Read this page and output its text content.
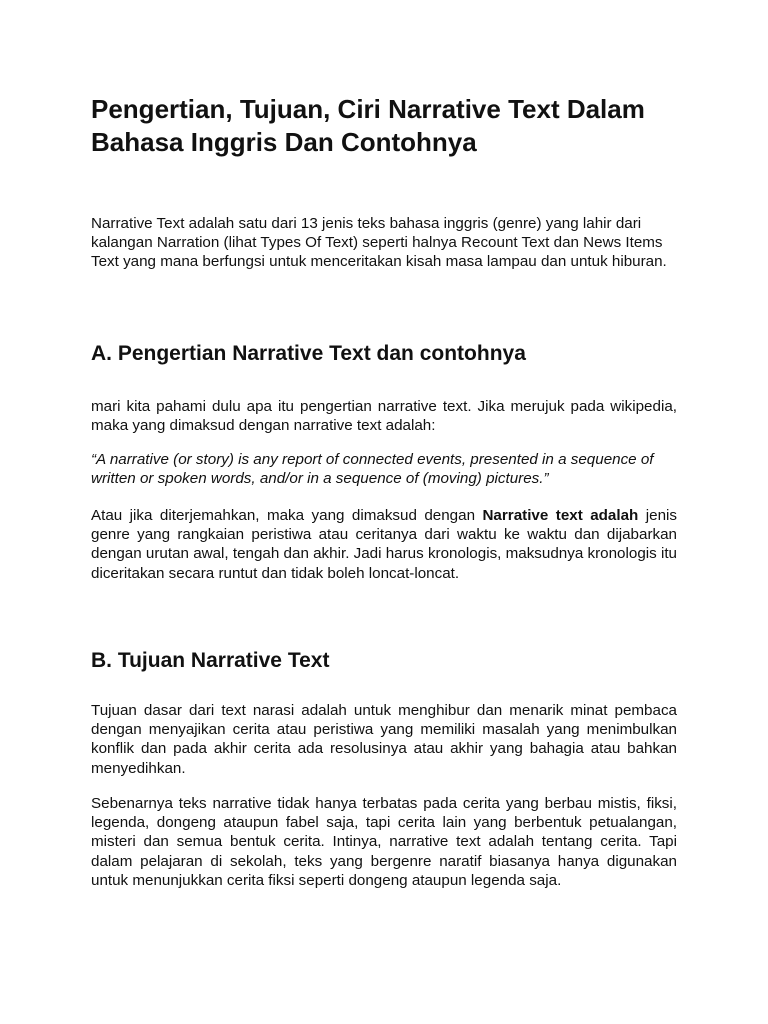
Pengertian, Tujuan, Ciri Narrative Text Dalam Bahasa Inggris Dan Contohnya

Narrative Text adalah satu dari 13 jenis teks bahasa inggris (genre) yang lahir dari kalangan Narration (lihat Types Of Text) seperti halnya Recount Text dan News Items Text yang mana berfungsi untuk menceritakan kisah masa lampau dan untuk hiburan.

A. Pengertian Narrative Text dan contohnya

mari kita pahami dulu apa itu pengertian narrative text. Jika merujuk pada wikipedia, maka yang dimaksud dengan narrative text adalah:

“A narrative (or story) is any report of connected events, presented in a sequence of written or spoken words, and/or in a sequence of (moving) pictures.”

Atau jika diterjemahkan, maka yang dimaksud dengan Narrative text adalah jenis genre yang rangkaian peristiwa atau ceritanya dari waktu ke waktu dan dijabarkan dengan urutan awal, tengah dan akhir. Jadi harus kronologis, maksudnya kronologis itu diceritakan secara runtut dan tidak boleh loncat-loncat.

B. Tujuan Narrative Text

Tujuan dasar dari text narasi adalah untuk menghibur dan menarik minat pembaca dengan menyajikan cerita atau peristiwa yang memiliki masalah yang menimbulkan konflik dan pada akhir cerita ada resolusinya atau akhir yang bahagia atau bahkan menyedihkan.

Sebenarnya teks narrative tidak hanya terbatas pada cerita yang berbau mistis, fiksi, legenda, dongeng ataupun fabel saja, tapi cerita lain yang berbentuk petualangan, misteri dan semua bentuk cerita. Intinya, narrative text adalah tentang cerita. Tapi dalam pelajaran di sekolah, teks yang bergenre naratif biasanya hanya digunakan untuk menunjukkan cerita fiksi seperti dongeng ataupun legenda saja.
